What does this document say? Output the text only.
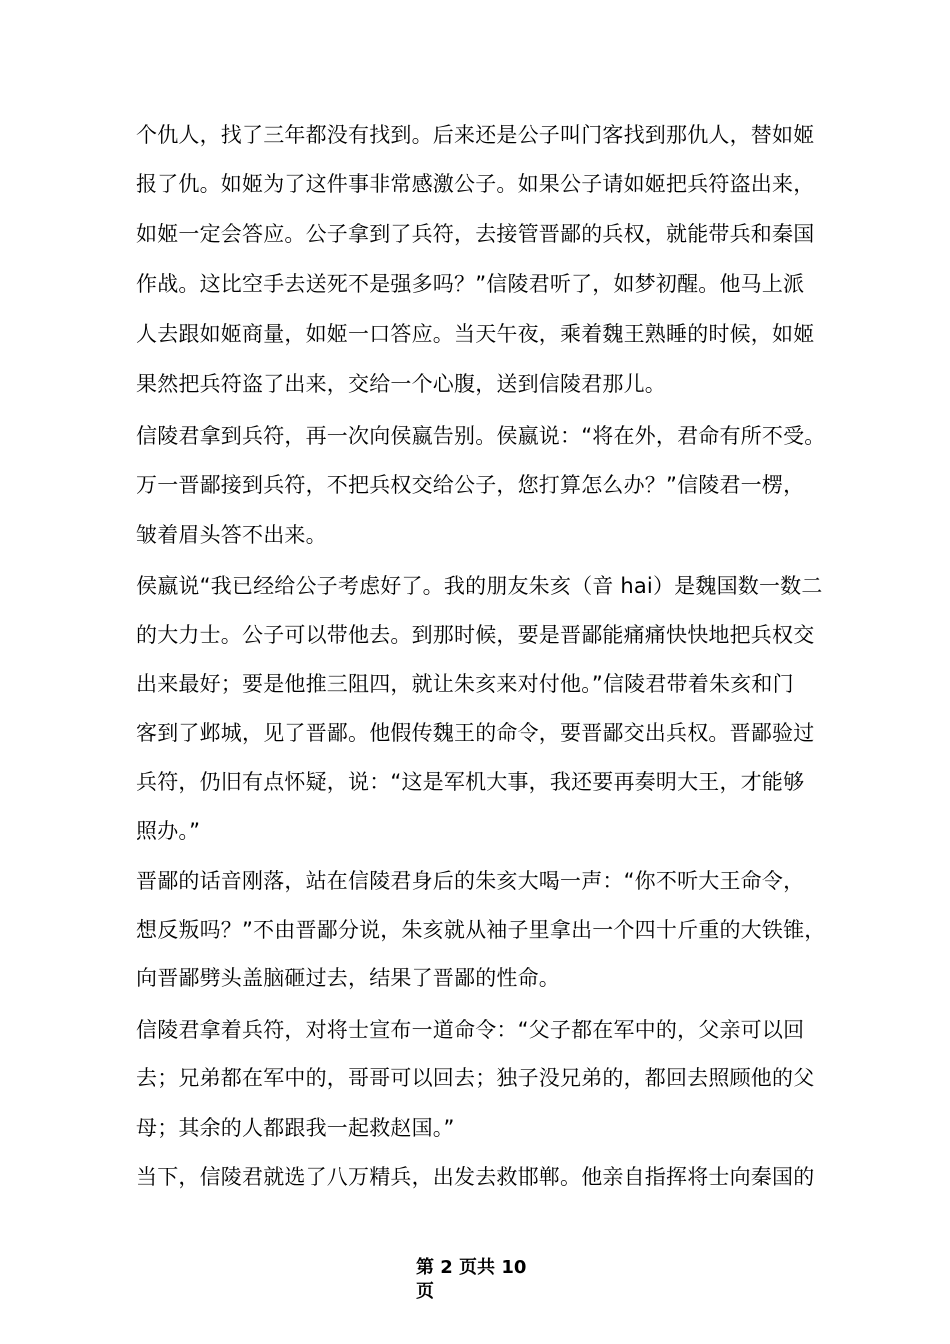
个仇人，找了三年都没有找到。后来还是公子叫门客找到那仇人，替如姬
报了仇。如姬为了这件事非常感激公子。如果公子请如姬把兵符盗出来，
如姬一定会答应。公子拿到了兵符，去接管晋鄙的兵权，就能带兵和秦国
作战。这比空手去送死不是强多吗？”信陵君听了，如梦初醒。他马上派
人去跟如姬商量，如姬一口答应。当天午夜，乘着魏王熟睡的时候，如姬
果然把兵符盗了出来，交给一个心腹，送到信陵君那儿。
信陵君拿到兵符，再一次向侯嬴告别。侯嬴说：“将在外，君命有所不受。
万一晋鄙接到兵符，不把兵权交给公子，您打算怎么办？”信陵君一楞，
皱着眉头答不出来。
侯嬴说“我已经给公子考虑好了。我的朋友朱亥（音 hai）是魏国数一数二
的大力士。公子可以带他去。到那时候，要是晋鄙能痛痛快快地把兵权交
出来最好；要是他推三阻四，就让朱亥来对付他。”信陵君带着朱亥和门
客到了邺城，见了晋鄙。他假传魏王的命令，要晋鄙交出兵权。晋鄙验过
兵符，仍旧有点怀疑，说：“这是军机大事，我还要再奏明大王，才能够
照办。”
晋鄙的话音刚落，站在信陵君身后的朱亥大喝一声：“你不听大王命令，
想反叛吗？”不由晋鄙分说，朱亥就从袖子里拿出一个四十斤重的大铁锥，
向晋鄙劈头盖脑砸过去，结果了晋鄙的性命。
信陵君拿着兵符，对将士宣布一道命令：“父子都在军中的，父亲可以回
去；兄弟都在军中的，哥哥可以回去；独子没兄弟的，都回去照顾他的父
母；其余的人都跟我一起救赵国。”
当下，信陵君就选了八万精兵，出发去救邯郸。他亲自指挥将士向秦国的
第 2 页共 10
页
